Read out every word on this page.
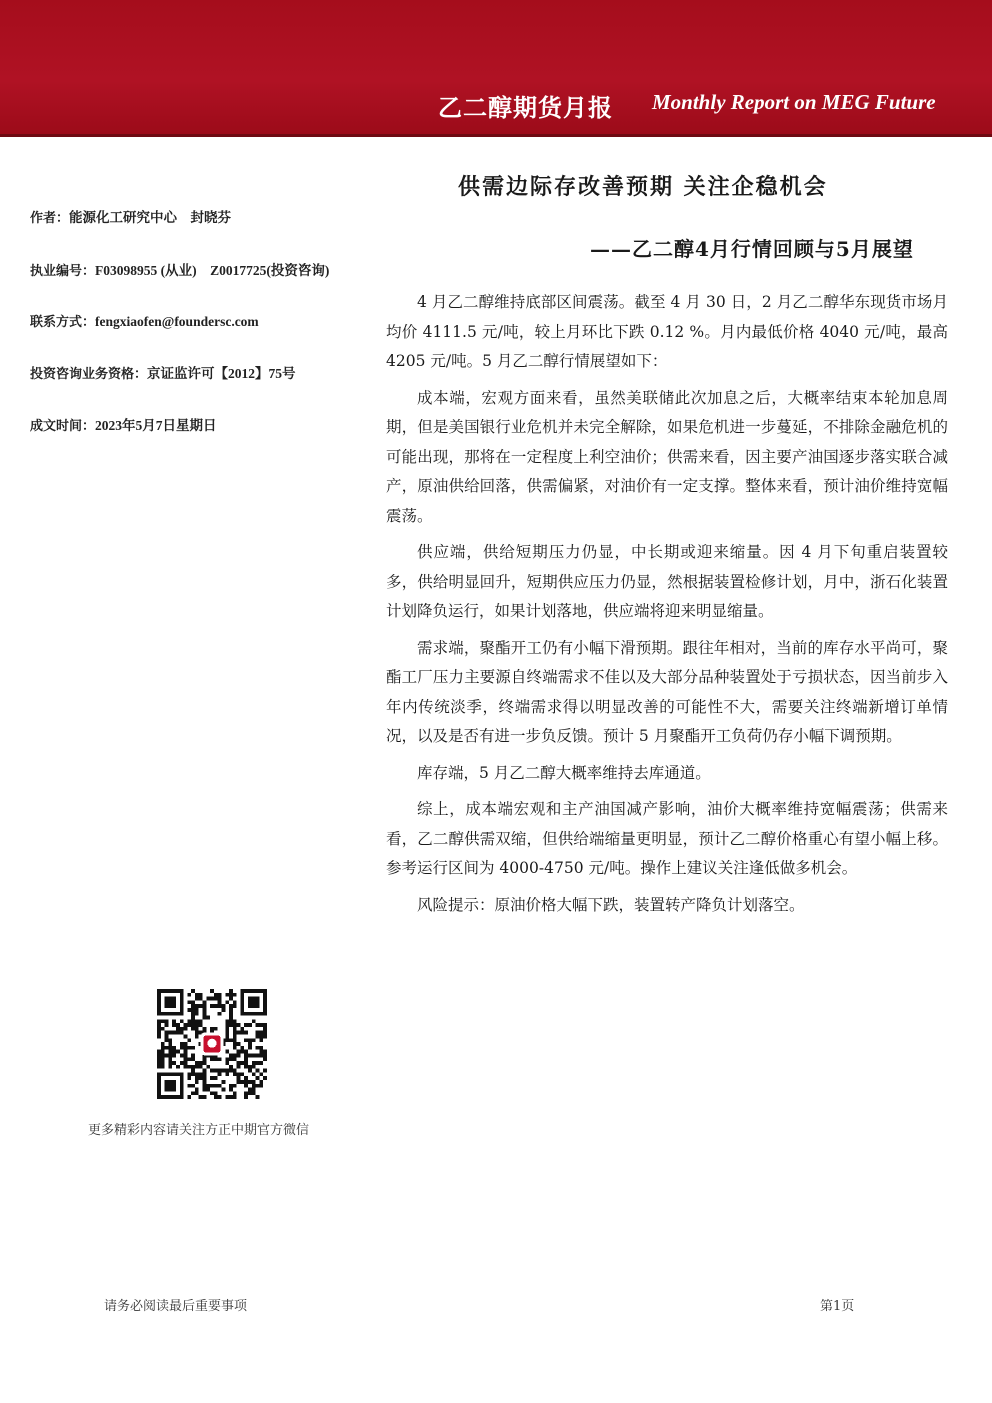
乙二醇期货月报 Monthly Report on MEG Future
作者：能源化工研究中心　封晓芬
执业编号：F03098955 (从业)　Z0017725(投资咨询)
联系方式：fengxiaofen@foundersc.com
投资咨询业务资格：京证监许可【2012】75号
成文时间：2023年5月7日星期日
供需边际存改善预期 关注企稳机会
——乙二醇4月行情回顾与5月展望

4 月乙二醇维持底部区间震荡。截至 4 月 30 日，2 月乙二醇华东现货市场月均价 4111.5 元/吨，较上月环比下跌 0.12 %。月内最低价格 4040 元/吨，最高 4205 元/吨。5 月乙二醇行情展望如下：

成本端，宏观方面来看，虽然美联储此次加息之后，大概率结束本轮加息周期，但是美国银行业危机并未完全解除，如果危机进一步蔓延，不排除金融危机的可能出现，那将在一定程度上利空油价；供需来看，因主要产油国逐步落实联合减产，原油供给回落，供需偏紧，对油价有一定支撑。整体来看，预计油价维持宽幅震荡。

供应端，供给短期压力仍显，中长期或迎来缩量。因 4 月下旬重启装置较多，供给明显回升，短期供应压力仍显，然根据装置检修计划，月中，浙石化装置计划降负运行，如果计划落地，供应端将迎来明显缩量。

需求端，聚酯开工仍有小幅下滑预期。跟往年相对，当前的库存水平尚可，聚酯工厂压力主要源自终端需求不佳以及大部分品种装置处于亏损状态，因当前步入年内传统淡季，终端需求得以明显改善的可能性不大，需要关注终端新增订单情况，以及是否有进一步负反馈。预计 5 月聚酯开工负荷仍存小幅下调预期。

库存端，5 月乙二醇大概率维持去库通道。

综上，成本端宏观和主产油国减产影响，油价大概率维持宽幅震荡；供需来看，乙二醇供需双缩，但供给端缩量更明显，预计乙二醇价格重心有望小幅上移。参考运行区间为 4000-4750 元/吨。操作上建议关注逢低做多机会。

风险提示：原油价格大幅下跌，装置转产降负计划落空。

更多精彩内容请关注方正中期官方微信
请务必阅读最后重要事项	第1页
